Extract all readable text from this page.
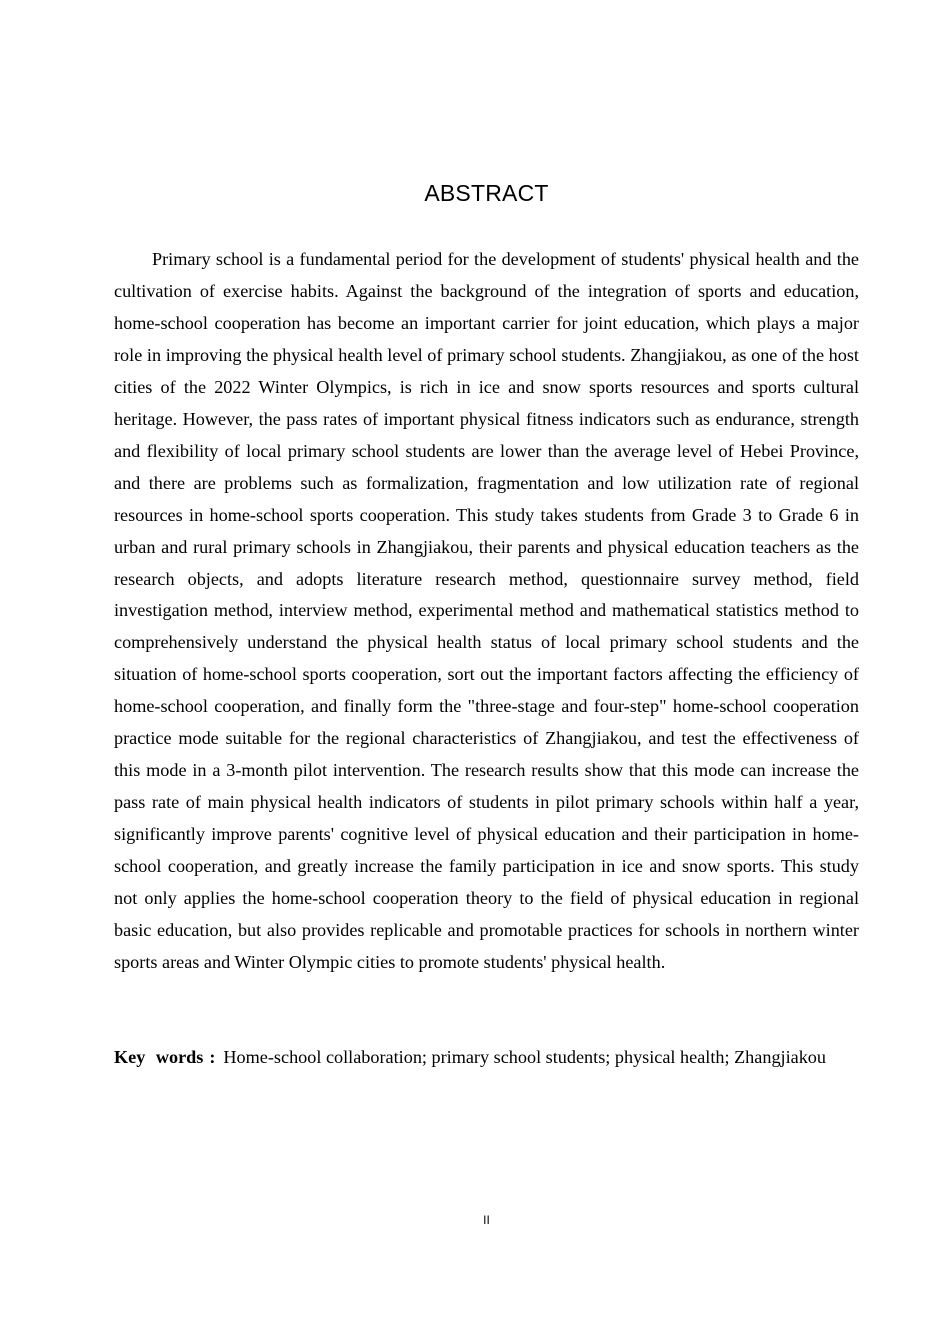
ABSTRACT

Primary school is a fundamental period for the development of students' physical health and the cultivation of exercise habits. Against the background of the integration of sports and education, home-school cooperation has become an important carrier for joint education, which plays a major role in improving the physical health level of primary school students. Zhangjiakou, as one of the host cities of the 2022 Winter Olympics, is rich in ice and snow sports resources and sports cultural heritage. However, the pass rates of important physical fitness indicators such as endurance, strength and flexibility of local primary school students are lower than the average level of Hebei Province, and there are problems such as formalization, fragmentation and low utilization rate of regional resources in home-school sports cooperation. This study takes students from Grade 3 to Grade 6 in urban and rural primary schools in Zhangjiakou, their parents and physical education teachers as the research objects, and adopts literature research method, questionnaire survey method, field investigation method, interview method, experimental method and mathematical statistics method to comprehensively understand the physical health status of local primary school students and the situation of home-school sports cooperation, sort out the important factors affecting the efficiency of home-school cooperation, and finally form the "three-stage and four-step" home-school cooperation practice mode suitable for the regional characteristics of Zhangjiakou, and test the effectiveness of this mode in a 3-month pilot intervention. The research results show that this mode can increase the pass rate of main physical health indicators of students in pilot primary schools within half a year, significantly improve parents' cognitive level of physical education and their participation in home-school cooperation, and greatly increase the family participation in ice and snow sports. This study not only applies the home-school cooperation theory to the field of physical education in regional basic education, but also provides replicable and promotable practices for schools in northern winter sports areas and Winter Olympic cities to promote students' physical health.

Key words : Home-school collaboration; primary school students; physical health; Zhangjiakou

II
